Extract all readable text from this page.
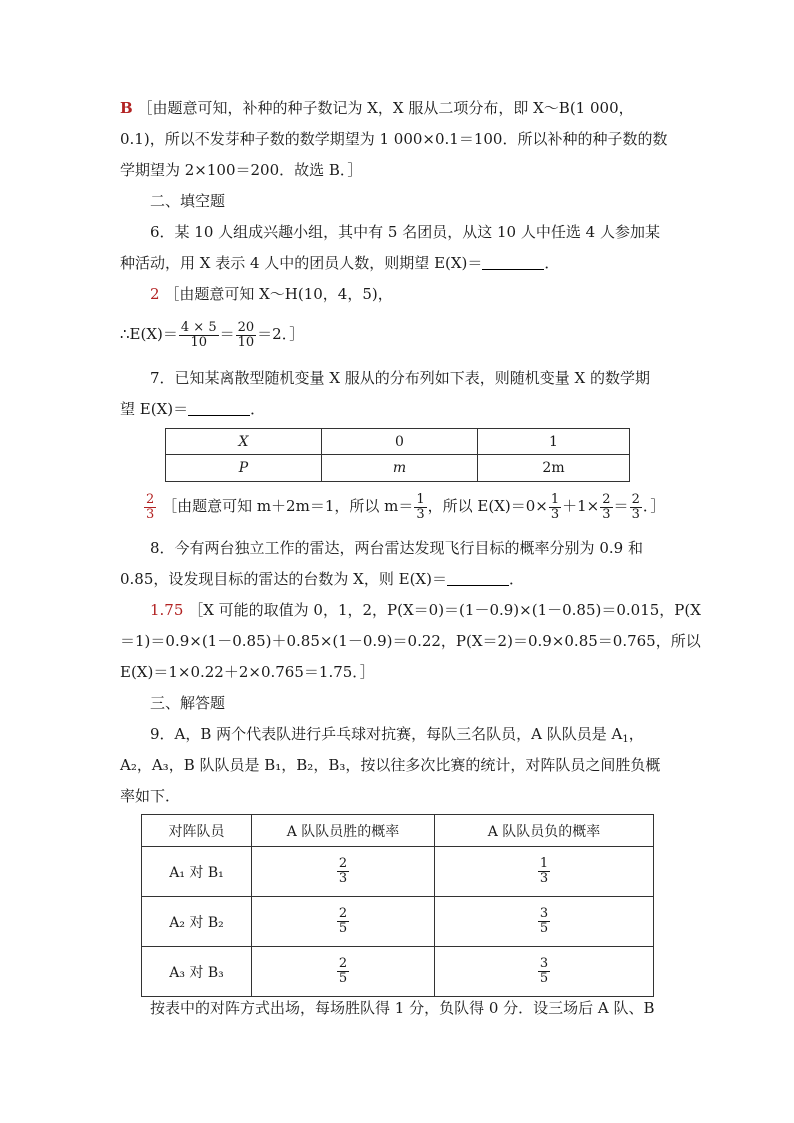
B ［由题意可知，补种的种子数记为 X，X 服从二项分布，即 X～B(1 000，
0.1)，所以不发芽种子数的数学期望为 1 000×0.1＝100．所以补种的种子数的数
学期望为 2×100＝200．故选 B．］
二、填空题
6．某 10 人组成兴趣小组，其中有 5 名团员，从这 10 人中任选 4 人参加某
种活动，用 X 表示 4 人中的团员人数，则期望 E(X)＝	．
2 ［由题意可知 X～H(10，4，5)，
∴E(X)＝ $\frac{4 \times 5}{10} = \frac{20}{10} =2$．］
7．已知某离散型随机变量 X 服从的分布列如下表，则随机变量 X 的数学期
望 E(X)＝	．
X	0	1
P	m	2m
$\frac{2}{3}$ ［由题意可知 m＋2m＝1，所以 $m= \frac{1}{3}$ ，所以 $E(X)=0\times \frac{1}{3} +1\times \frac{2}{3} = \frac{2}{3}$ ．］
8．今有两台独立工作的雷达，两台雷达发现飞行目标的概率分别为 0.9 和
0.85，设发现目标的雷达的台数为 X，则 E(X)＝	．
1.75 ［X 可能的取值为 0，1，2，P(X＝0)＝(1－0.9)×(1－0.85)＝0.015，P(X
＝1)＝0.9×(1－0.85)＋0.85×(1－0.9)＝0.22，P(X＝2)＝0.9×0.85＝0.765，所以
E(X)＝1×0.22＋2×0.765＝1.75．］
三、解答题
9．A，B 两个代表队进行乒乓球对抗赛，每队三名队员，A 队队员是 $A_1$，
A₂，A₃，B 队队员是 B₁，B₂，B₃，按以往多次比赛的统计，对阵队员之间胜负概
率如下．
对阵队员	A 队队员胜的概率	A 队队员负的概率
A₁ 对 B₁	$\frac{2}{3}$	$\frac{1}{3}$

A₂ 对 B₂	$\frac{2}{5}$	$\frac{3}{5}$

A₃ 对 B₃	$\frac{2}{5}$	$\frac{3}{5}$
按表中的对阵方式出场，每场胜队得 1 分，负队得 0 分．设三场后 A 队、B
